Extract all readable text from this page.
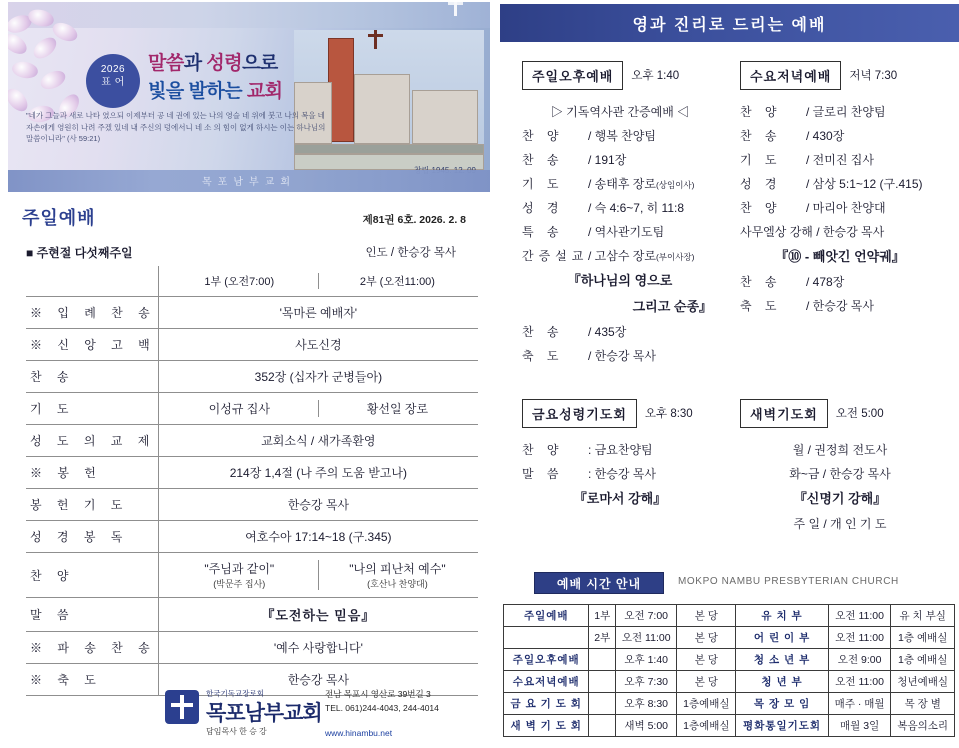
2026
표 어
말씀과 성령으로
빛을 발하는 교회
"네가 그늘과 새로 나타 였으되 이제부터 공 네 권에 있는 나의 영슬 네 위에 붓고 나의 복을 네 자손에게 영원히 나려 주겠 있네 내 주신의 덩에서니 네 소 의 힘이 없게 하시는 이는 하나님의 말씀이니라" (사 59:21)
목포남부교회
주일예배	제81권 6호. 2026. 2. 8
■ 주현절 다섯째주일	인도 / 한승강 목사

	1부 (오전7:00) 2부 (오전11:00)

※ 입 례 찬 송	'목마른 예배자'
※ 신 앙 고 백	사도신경
찬 송	352장 (십자가 군병들아)
기 도	이성규 집사 황선일 장로

성 도 의 교 제	교회소식 / 새가족환영
※ 봉 헌	214장 1,4절 (나 주의 도움 받고나)
봉 헌 기 도	한승강 목사
성 경 봉 독	여호수아 17:14~18 (구.345)
찬 양	"주님과 같이"
(박문주 집사)
"나의 피난처 예수"
(호산나 찬양대)

말 씀	『도전하는 믿음』
※ 파 송 찬 송	'예수 사랑합니다'
※ 축 도	한승강 목사
한국기독교장로회
목포남부교회
담임목사 한 승 강
전남 목포시 영산로 39번길 3
TEL. 061)244-4043, 244-4014
www.hinambu.net
영과 진리로 드리는 예배
주일오후예배	오후 1:40
▷ 기독역사관 간증예배 ◁
찬 양	/ 행복 찬양팀
찬 송	/ 191장
기 도	/ 송태후 장로(상임이사)
성 경	/ 슥 4:6~7, 히 11:8
특 송	/ 역사관기도팀
간증설교 / 고삼수 장로(부이사장)
『하나님의 영으로
그리고 순종』
찬 송	/ 435장
축 도	/ 한승강 목사
수요저녁예배	저녁 7:30
찬 양	/ 글로리 찬양팀
찬 송	/ 430장
기 도	/ 전미진 집사
성 경	/ 삼상 5:1~12 (구.415)
찬 양	/ 마리아 찬양대
사무엘상 강해 / 한승강 목사
『⑩ - 빼앗긴 언약궤』
찬 송	/ 478장
축 도	/ 한승강 목사
금요성령기도회	오후 8:30
찬 양	: 금요찬양팀
말 씀	: 한승강 목사
『로마서 강해』
새벽기도회	오전 5:00
월 / 권정희 전도사
화~금 / 한승강 목사
『신명기 강해』
주 일 / 개 인 기 도
예배 시간 안내	MOKPO NAMBU PRESBYTERIAN CHURCH
주일예배	1부	오전 7:00	본 당	유 치 부	오전 11:00	유 치 부실
	2부	오전 11:00	본 당	어 린 이 부	오전 11:00	1층 예배실
주일오후예배		오후 1:40	본 당	청 소 년 부	오전 9:00	1층 예배실
수요저녁예배		오후 7:30	본 당	청 년 부	오전 11:00	청년예배실
금 요 기 도 회		오후 8:30	1층예배실	목 장 모 임	매주 · 매월	목 장 별
새 벽 기 도 회		새벽 5:00	1층예배실	평화통일기도회	매월 3일	복음의소리
